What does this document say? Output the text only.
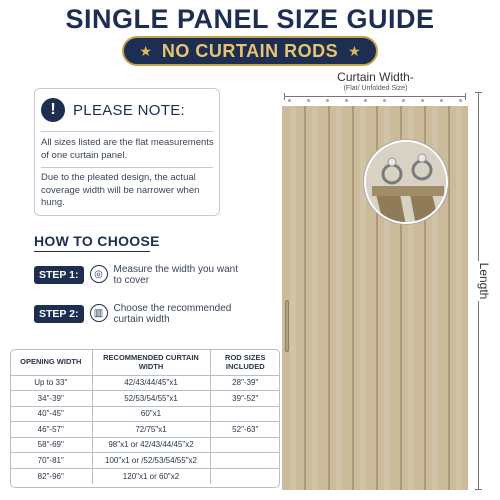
SINGLE PANEL SIZE GUIDE
★ NO CURTAIN RODS ★
!	PLEASE NOTE:
All sizes listed are the flat measurements of one curtain panel.
Due to the pleated design, the actual coverage width will be narrower when hung.
HOW TO CHOOSE
STEP 1:	◎	Measure the width you want to cover
STEP 2:	▥	Choose the recommended curtain width
OPENING WIDTH	RECOMMENDED CURTAIN WIDTH	ROD SIZES INCLUDED
Up to 33"	42/43/44/45"x1	28"-39"
34"-39"	52/53/54/55"x1	39"-52"
40"-45"	60"x1	
46"-57"	72/75"x1	52"-63"
58"-69"	98"x1 or 42/43/44/45"x2	
70"-81"	100"x1 or /52/53/54/55"x2	
82"-96"	120"x1 or 60"x2	
Curtain Width-
(Flat/ Unfolded Size)
Length
